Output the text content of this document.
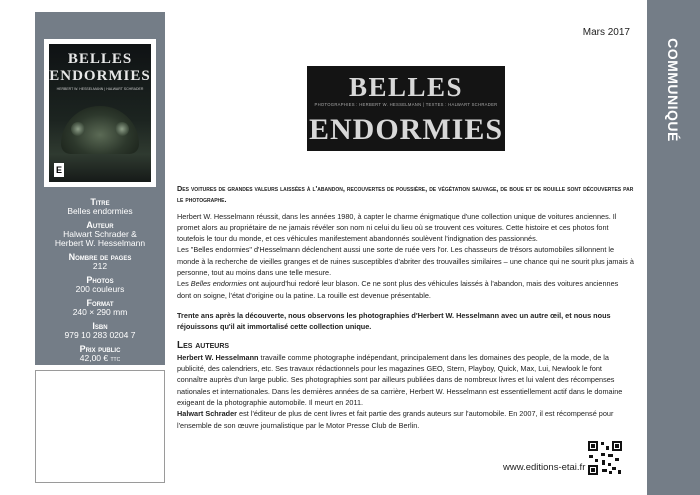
BELLES
ENDORMIES
HERBERT W. HESSELMANN | HALWART SCHRADER
E
Titre
Belles endormies
Auteur
Halwart Schrader &
Herbert W. Hesselmann
Nombre de pages
212
Photos
200 couleurs
Format
240 × 290 mm
Isbn
979 10 283 0204 7
Prix public
42,00 € TTC
Mars 2017
COMMUNIQUÉ
BELLES
PHOTOGRAPHIES : HERBERT W. HESSELMANN | TEXTES : HALWART SCHRADER
ENDORMIES

Des voitures de grandes valeurs laissées à l'abandon, recouvertes de poussière, de végétation sauvage, de boue et de rouille sont découvertes par le photographe.

Herbert W. Hesselmann réussit, dans les années 1980, à capter le charme énigmatique d'une collection unique de voitures anciennes. Il promet alors au propriétaire de ne jamais révéler son nom ni celui du lieu où se trouvent ces voitures. Cette histoire et ces photos font toutefois le tour du monde, et ces véhicules manifestement abandonnés soulèvent l'indignation des passionnés.

Les "Belles endormies" d'Hesselmann déclenchent aussi une sorte de ruée vers l'or. Les chasseurs de trésors automobiles sillonnent le monde à la recherche de vieilles granges et de ruines susceptibles d'abriter des trouvailles similaires – une chance qui ne sourit plus jamais à personne, tout au moins dans une telle mesure.

Les Belles endormies ont aujourd'hui redoré leur blason. Ce ne sont plus des véhicules laissés à l'abandon, mais des voitures anciennes dont on soigne, l'état d'origine ou la patine. La rouille est devenue présentable.

Trente ans après la découverte, nous observons les photographies d'Herbert W. Hesselmann avec un autre œil, et nous nous réjouissons qu'il ait immortalisé cette collection unique.

Les auteurs

Herbert W. Hesselmann travaille comme photographe indépendant, principalement dans les domaines des people, de la mode, de la publicité, des calendriers, etc. Ses travaux rédactionnels pour les magazines GEO, Stern, Playboy, Quick, Max, Lui, Newlook le font connaître auprès d'un large public. Ses photographies sont par ailleurs publiées dans de nombreux livres et lui valent des récompenses nationales et internationales. Dans les dernières années de sa carrière, Herbert W. Hesselmann est essentiellement actif dans le domaine exigeant de la photographie automobile. Il meurt en 2011.

Halwart Schrader est l'éditeur de plus de cent livres et fait partie des grands auteurs sur l'automobile. En 2007, il est récompensé pour l'ensemble de son œuvre journalistique par le Motor Presse Club de Berlin.

www.editions-etai.fr
